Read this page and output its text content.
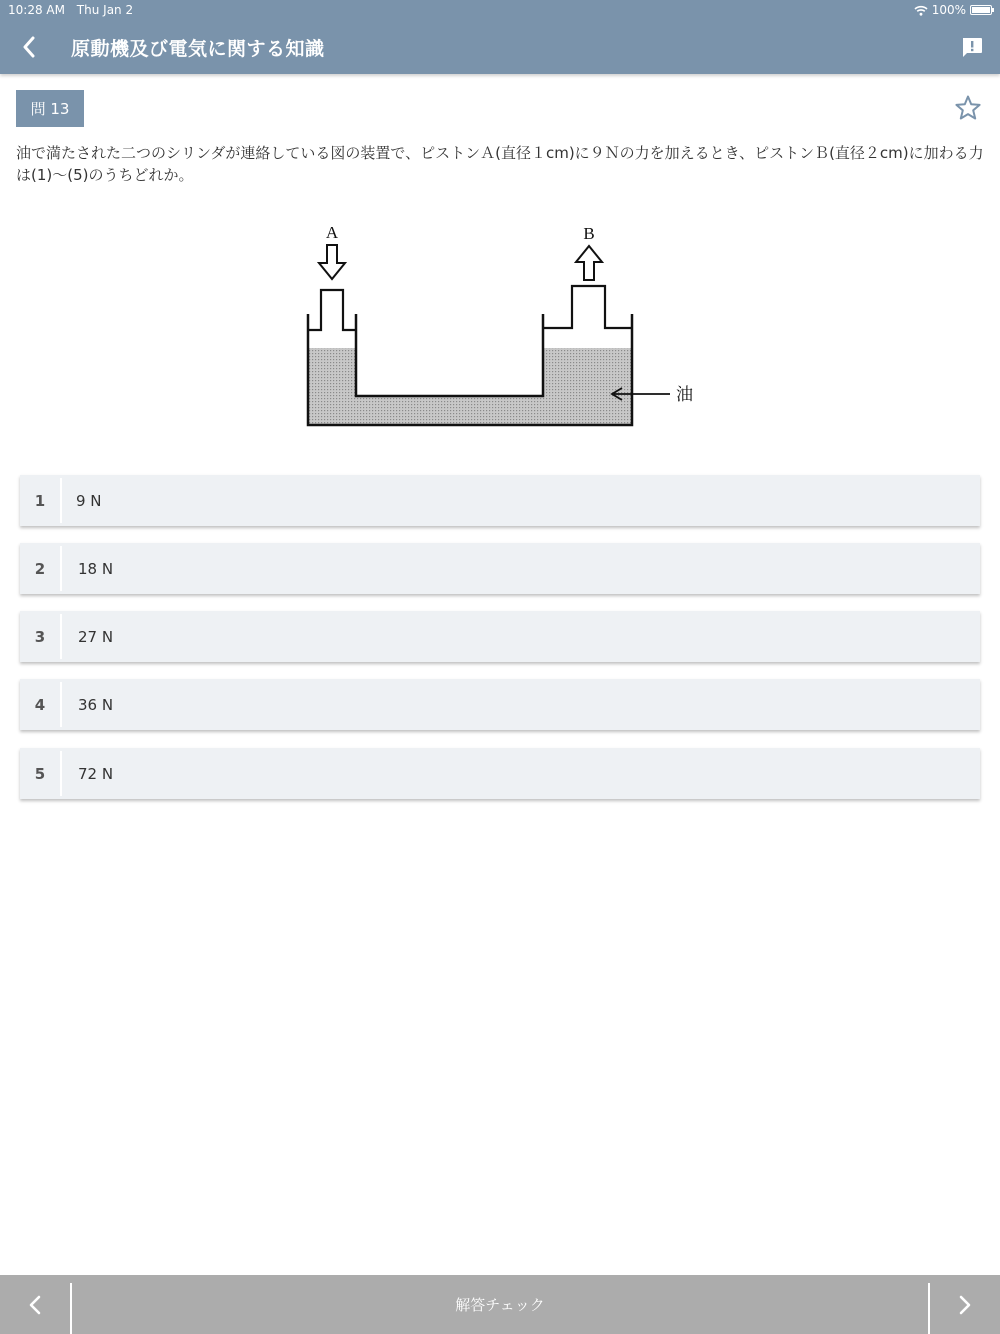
10:28 AM Thu Jan 2	100%
原動機及び電気に関する知識
問 13
油で満たされた二つのシリンダが連絡している図の装置で、ピストンＡ(直径１cm)に９Ｎの力を加えるとき、ピストンＢ(直径２cm)に加わる力は(1)～(5)のうちどれか。
A	B
油
1	9 N
2	18 N
3	27 N
4	36 N
5	72 N
解答チェック
